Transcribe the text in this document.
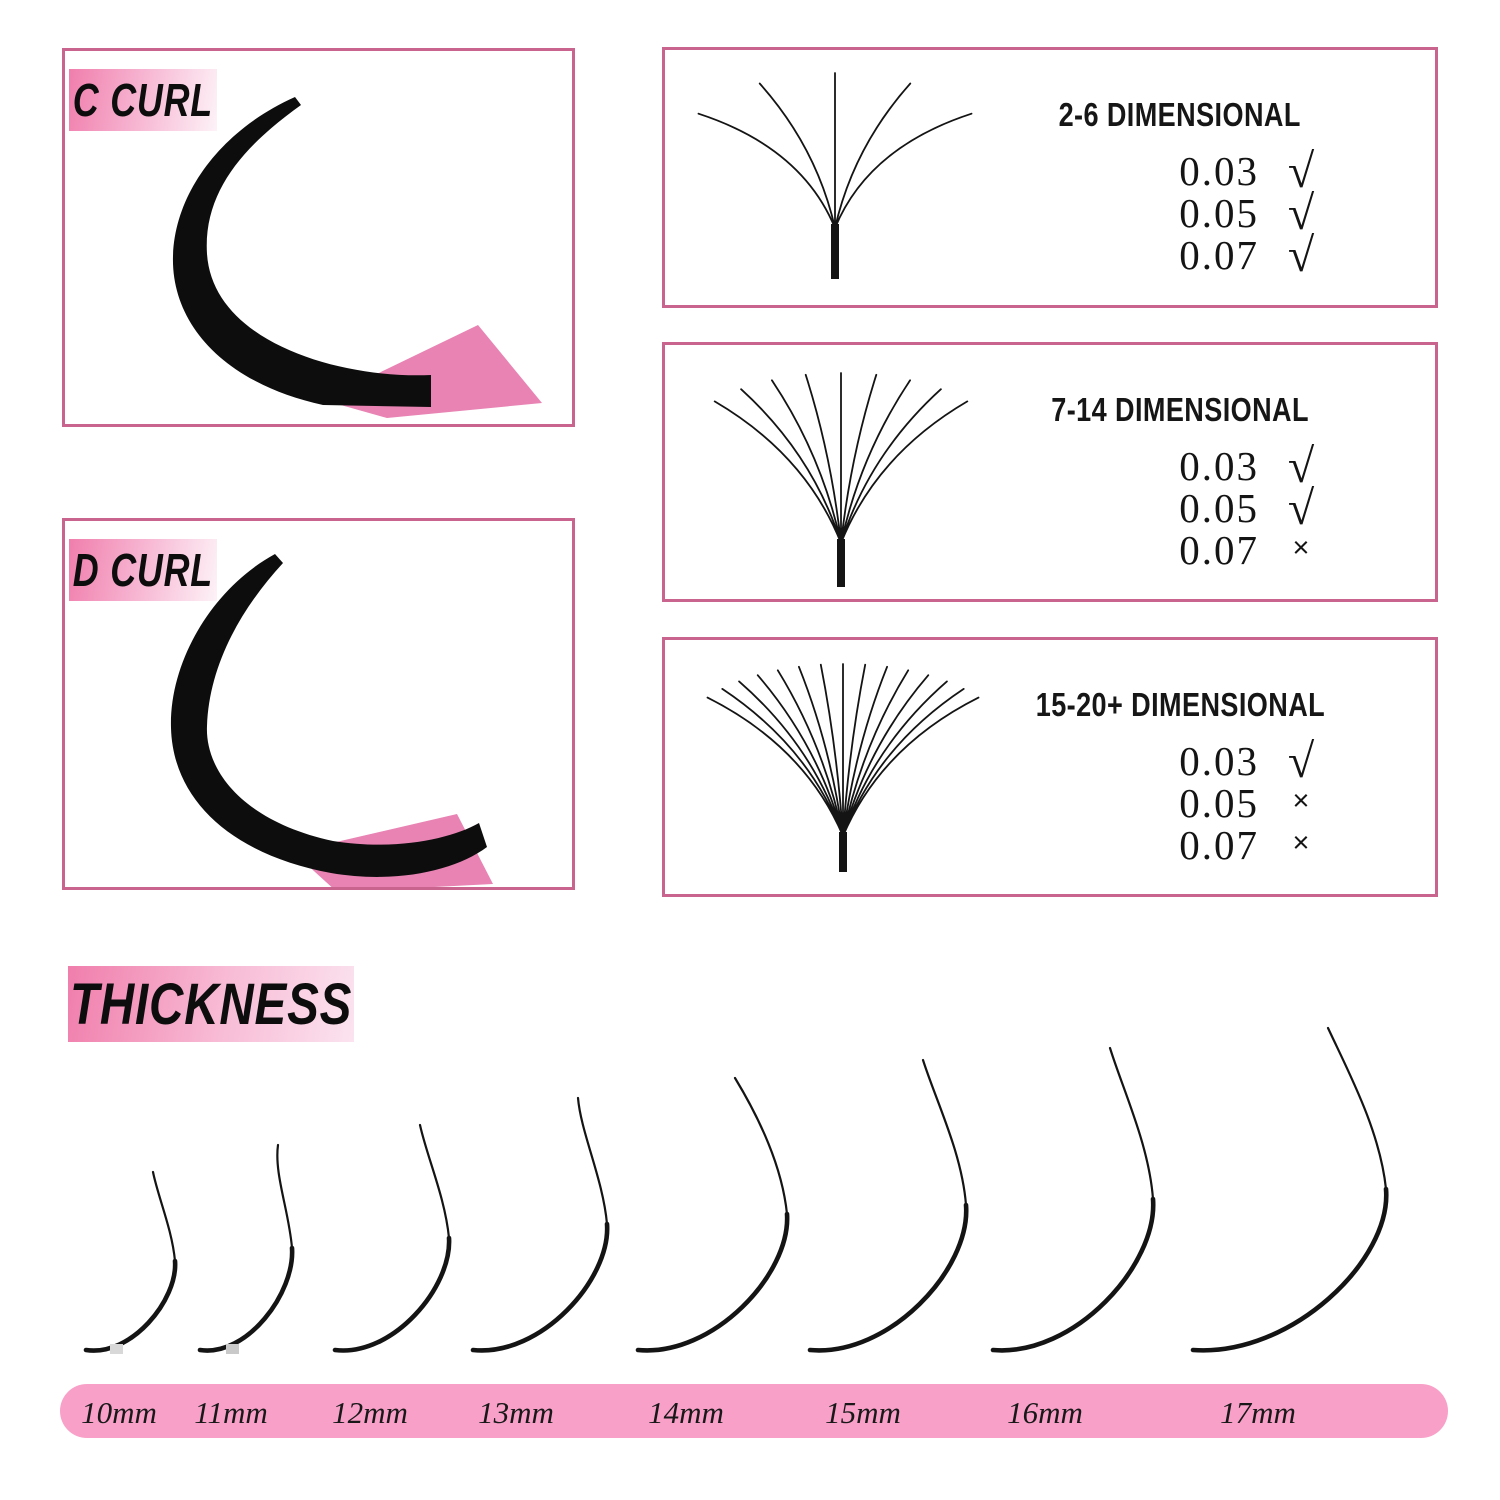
C CURL
D CURL
2-6 DIMENSIONAL
0.03 √
0.05 √
0.07 √
7-14 DIMENSIONAL
0.03 √
0.05 √
0.07	×
15-20+ DIMENSIONAL
0.03 √
0.05	×
0.07	×
THICKNESS
10mm 11mm 12mm 13mm	14mm	15mm	16mm	17mm
